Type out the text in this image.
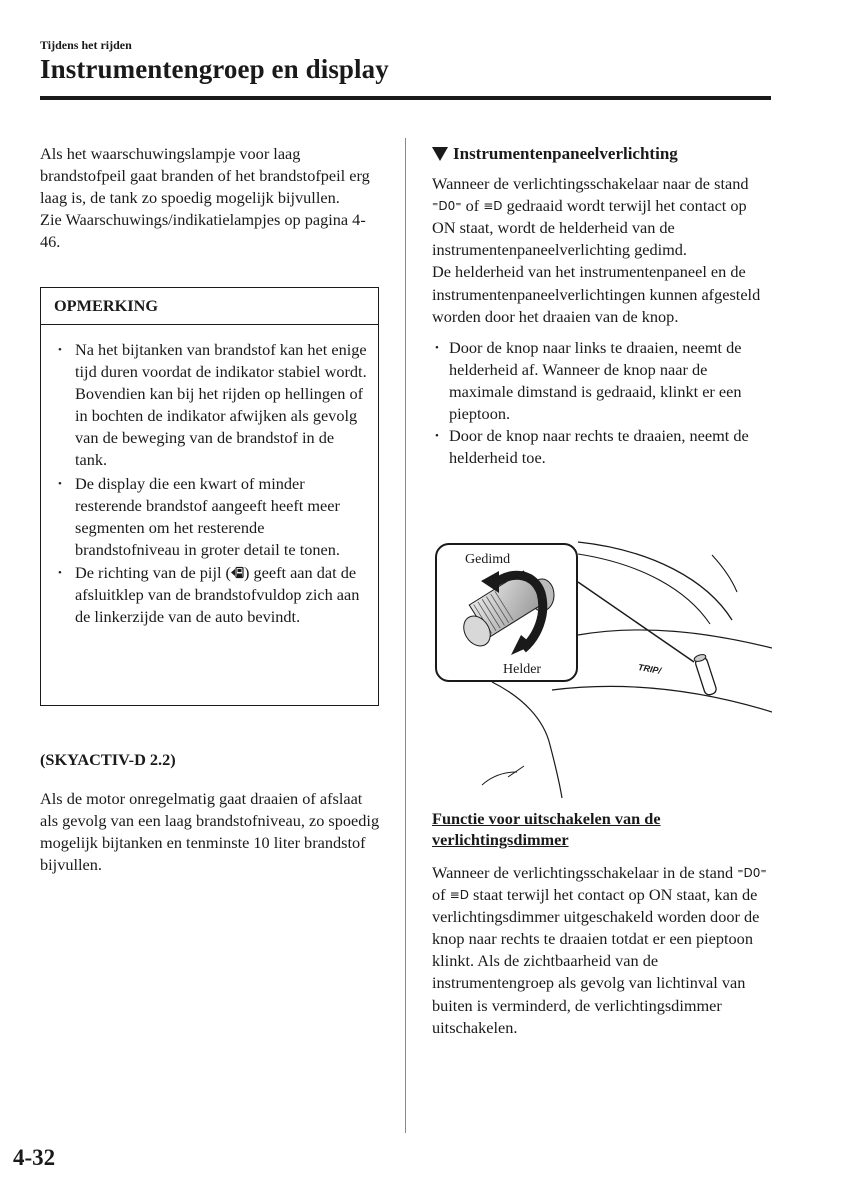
Tijdens het rijden
Instrumentengroep en display

Als het waarschuwingslampje voor laag brandstofpeil gaat branden of het brandstofpeil erg laag is, de tank zo spoedig mogelijk bijvullen.

Zie Waarschuwings/indikatielampjes op pagina 4-46.

OPMERKING
• Na het bijtanken van brandstof kan het enige tijd duren voordat de indikator stabiel wordt. Bovendien kan bij het rijden op hellingen of in bochten de indikator afwijken als gevolg van de beweging van de brandstof in de tank.
• De display die een kwart of minder resterende brandstof aangeeft heeft meer segmenten om het resterende brandstofniveau in groter detail te tonen.
• De richting van de pijl ( ) geeft aan dat de afsluitklep van de brandstofvuldop zich aan de linkerzijde van de auto bevindt.

(SKYACTIV-D 2.2)

Als de motor onregelmatig gaat draaien of afslaat als gevolg van een laag brandstofniveau, zo spoedig mogelijk bijtanken en tenminste 10 liter brandstof bijvullen.

Instrumentenpaneelverlichting

Wanneer de verlichtingsschakelaar naar de stand ⁼D0⁼ of ≡D gedraaid wordt terwijl het contact op ON staat, wordt de helderheid van de instrumentenpaneelverlichting gedimd.

De helderheid van het instrumentenpaneel en de instrumentenpaneelverlichtingen kunnen afgesteld worden door het draaien van de knop.

• Door de knop naar links te draaien, neemt de helderheid af. Wanneer de knop naar de maximale dimstand is gedraaid, klinkt er een pieptoon.
• Door de knop naar rechts te draaien, neemt de helderheid toe.
Gedimd
Helder	TRIP/
Functie voor uitschakelen van de verlichtingsdimmer

Wanneer de verlichtingsschakelaar in de stand ⁼D0⁼ of ≡D staat terwijl het contact op ON staat, kan de verlichtingsdimmer uitgeschakeld worden door de knop naar rechts te draaien totdat er een pieptoon klinkt. Als de zichtbaarheid van de instrumentengroep als gevolg van lichtinval van buiten is verminderd, de verlichtingsdimmer uitschakelen.

4-32
